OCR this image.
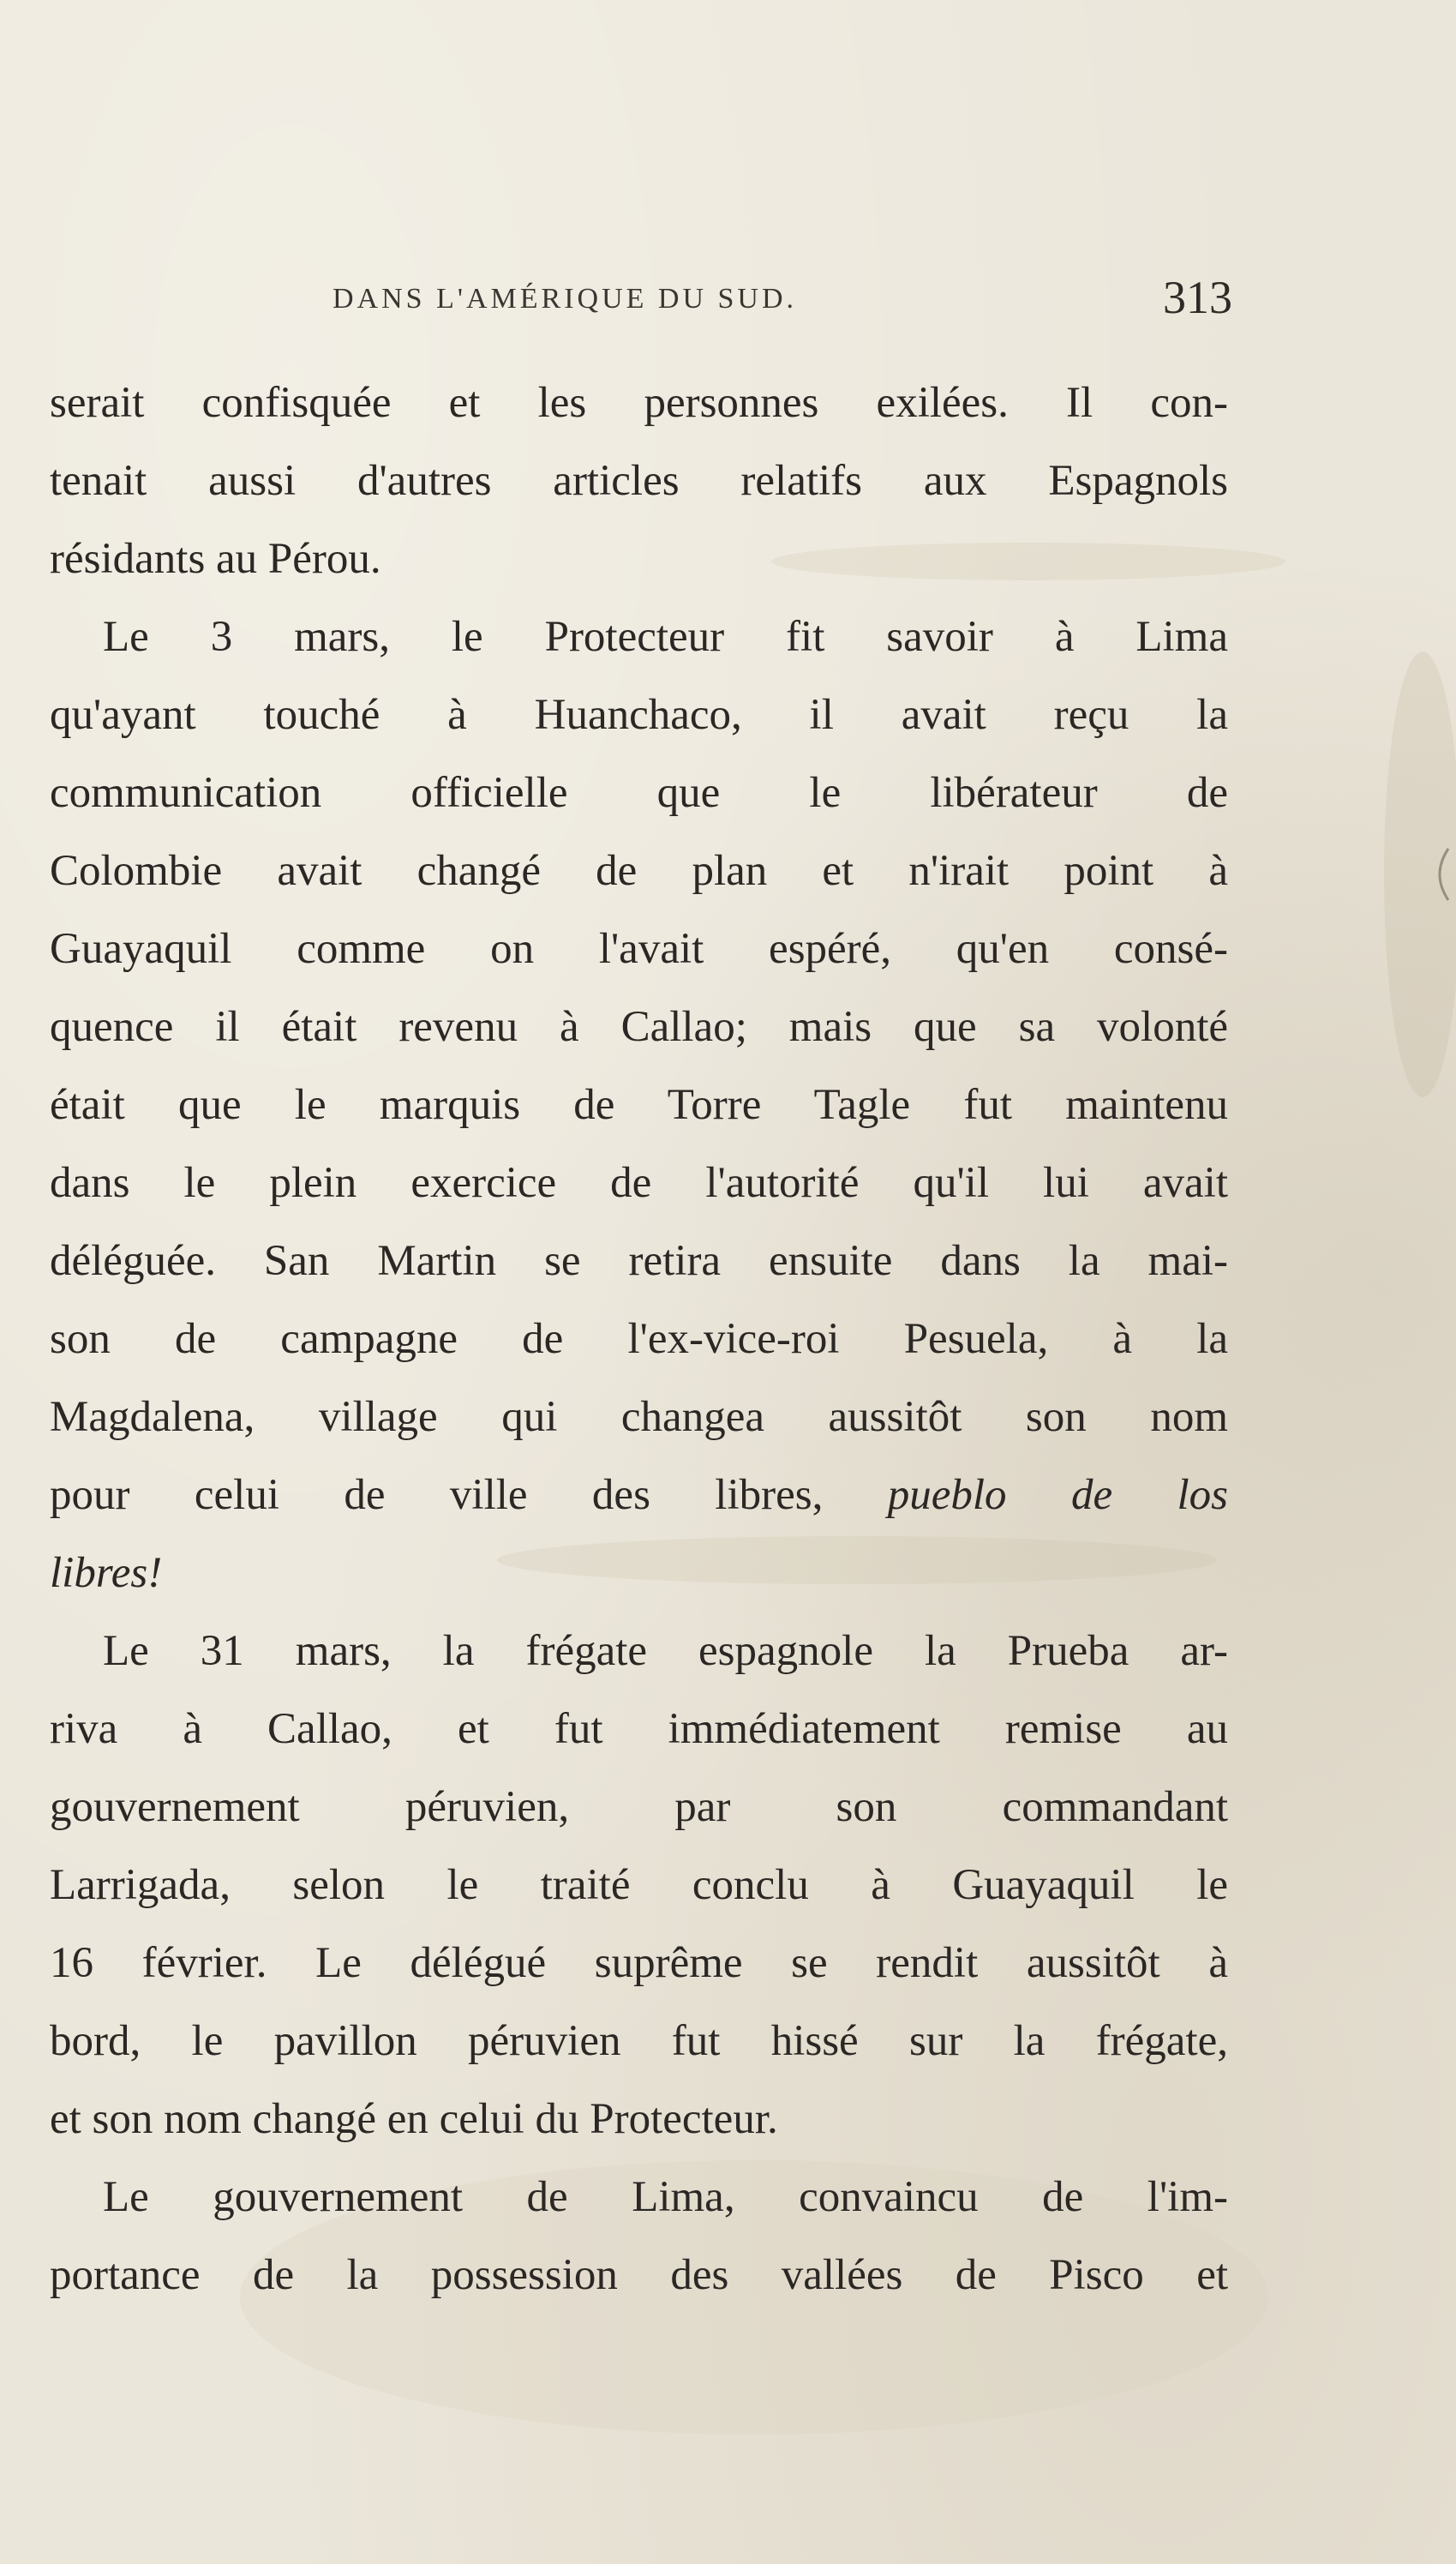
DANS L'AMÉRIQUE DU SUD.	313
serait confisquée et les personnes exilées. Il con-
tenait aussi d'autres articles relatifs aux Espagnols
résidants au Pérou.
Le 3 mars, le Protecteur fit savoir à Lima
qu'ayant touché à Huanchaco, il avait reçu la
communication officielle que le libérateur de
Colombie avait changé de plan et n'irait point à
Guayaquil comme on l'avait espéré, qu'en consé-
quence il était revenu à Callao; mais que sa volonté
était que le marquis de Torre Tagle fut maintenu
dans le plein exercice de l'autorité qu'il lui avait
déléguée. San Martin se retira ensuite dans la mai-
son de campagne de l'ex-vice-roi Pesuela, à la
Magdalena, village qui changea aussitôt son nom
pour celui de ville des libres, pueblo de los
libres!
Le 31 mars, la frégate espagnole la Prueba ar-
riva à Callao, et fut immédiatement remise au
gouvernement péruvien, par son commandant
Larrigada, selon le traité conclu à Guayaquil le
16 février. Le délégué suprême se rendit aussitôt à
bord, le pavillon péruvien fut hissé sur la frégate,
et son nom changé en celui du Protecteur.
Le gouvernement de Lima, convaincu de l'im-
portance de la possession des vallées de Pisco et
